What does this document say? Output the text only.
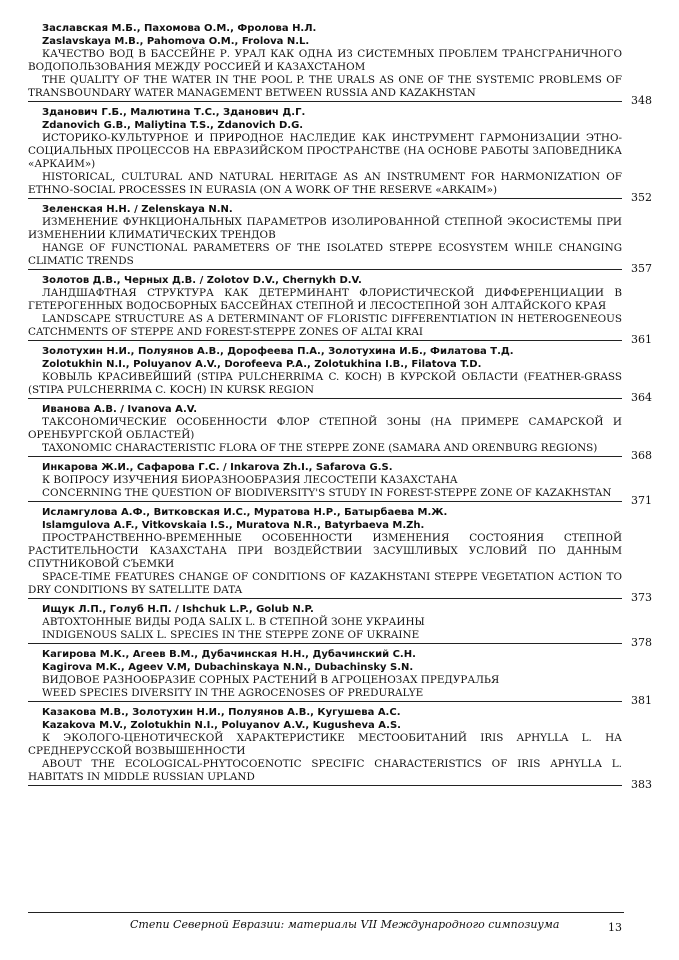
Заславская М.Б., Пахомова О.М., Фролова Н.Л.
Zaslavskaya M.B., Pahomova O.M., Frolova N.L.
КАЧЕСТВО ВОД В БАССЕЙНЕ Р. УРАЛ КАК ОДНА ИЗ СИСТЕМНЫХ ПРОБЛЕМ ТРАНСГРАНИЧНОГО ВОДОПОЛЬЗОВАНИЯ МЕЖДУ РОССИЕЙ И КАЗАХСТАНОМ
THE QUALITY OF THE WATER IN THE POOL P. THE URALS AS ONE OF THE SYSTEMIC PROBLEMS OF TRANSBOUNDARY WATER MANAGEMENT BETWEEN RUSSIA AND KAZAKHSTAN
348
Зданович Г.Б., Малютина Т.С., Зданович Д.Г.
Zdanovich G.B., Maliytina T.S., Zdanovich D.G.
ИСТОРИКО-КУЛЬТУРНОЕ И ПРИРОДНОЕ НАСЛЕДИЕ КАК ИНСТРУМЕНТ ГАРМОНИЗАЦИИ ЭТНО-СОЦИАЛЬНЫХ ПРОЦЕССОВ НА ЕВРАЗИЙСКОМ ПРОСТРАНСТВЕ (НА ОСНОВЕ РАБОТЫ ЗАПОВЕДНИКА «АРКАИМ»)
HISTORICAL, CULTURAL AND NATURAL HERITAGE AS AN INSTRUMENT FOR HARMONIZATION OF ETHNO-SOCIAL PROCESSES IN EURASIA (ON A WORK OF THE RESERVE «ARKAIM»)
352
Зеленская Н.Н. / Zelenskaya N.N.
ИЗМЕНЕНИЕ ФУНКЦИОНАЛЬНЫХ ПАРАМЕТРОВ ИЗОЛИРОВАННОЙ СТЕПНОЙ ЭКОСИСТЕМЫ ПРИ ИЗМЕНЕНИИ КЛИМАТИЧЕСКИХ ТРЕНДОВ
HANGE OF FUNCTIONAL PARAMETERS OF THE ISOLATED STEPPE ECOSYSTEM WHILE CHANGING CLIMATIC TRENDS
357
Золотов Д.В., Черных Д.В. / Zolotov D.V., Chernykh D.V.
ЛАНДШАФТНАЯ СТРУКТУРА КАК ДЕТЕРМИНАНТ ФЛОРИСТИЧЕСКОЙ ДИФФЕРЕНЦИАЦИИ В ГЕТЕРОГЕННЫХ ВОДОСБОРНЫХ БАССЕЙНАХ СТЕПНОЙ И ЛЕСОСТЕПНОЙ ЗОН АЛТАЙСКОГО КРАЯ
LANDSCAPE STRUCTURE AS A DETERMINANT OF FLORISTIC DIFFERENTIATION IN HETEROGENEOUS CATCHMENTS OF STEPPE AND FOREST-STEPPE ZONES OF ALTAI KRAI
361
Золотухин Н.И., Полуянов А.В., Дорофеева П.А., Золотухина И.Б., Филатова Т.Д.
Zolotukhin N.I., Poluyanov A.V., Dorofeeva P.A., Zolotukhina I.B., Filatova T.D.
КОВЫЛЬ КРАСИВЕЙШИЙ (STIPA PULCHERRIMA C. KOCH) В КУРСКОЙ ОБЛАСТИ (FEATHER-GRASS (STIPA PULCHERRIMA C. KOCH) IN KURSK REGION
364
Иванова А.В. / Ivanova A.V.
ТАКСОНОМИЧЕСКИЕ ОСОБЕННОСТИ ФЛОР СТЕПНОЙ ЗОНЫ (НА ПРИМЕРЕ САМАРСКОЙ И ОРЕНБУРГСКОЙ ОБЛАСТЕЙ)
TAXONOMIC CHARACTERISTIC FLORA OF THE STEPPE ZONE (SAMARA AND ORENBURG REGIONS)
368
Инкарова Ж.И., Сафарова Г.С. / Inkarova Zh.I., Safarova G.S.
К ВОПРОСУ ИЗУЧЕНИЯ БИОРАЗНООБРАЗИЯ ЛЕСОСТЕПИ КАЗАХСТАНА
CONCERNING THE QUESTION OF BIODIVERSITY'S STUDY IN FOREST-STEPPE ZONE OF KAZAKHSTAN
371
Исламгулова А.Ф., Витковская И.С., Муратова Н.Р., Батырбаева М.Ж.
Islamgulova A.F., Vitkovskaia I.S., Muratova N.R., Batyrbaeva M.Zh.
ПРОСТРАНСТВЕННО-ВРЕМЕННЫЕ ОСОБЕННОСТИ ИЗМЕНЕНИЯ СОСТОЯНИЯ СТЕПНОЙ РАСТИТЕЛЬНОСТИ КАЗАХСТАНА ПРИ ВОЗДЕЙСТВИИ ЗАСУШЛИВЫХ УСЛОВИЙ ПО ДАННЫМ СПУТНИКОВОЙ СЪЕМКИ
SPACE-TIME FEATURES CHANGE OF CONDITIONS OF KAZAKHSTANI STEPPE VEGETATION ACTION TO DRY CONDITIONS BY SATELLITE DATA
373
Ищук Л.П., Голуб Н.П. / Ishchuk L.P., Golub N.P.
АВТОХТОННЫЕ ВИДЫ РОДА SALIX L. В СТЕПНОЙ ЗОНЕ УКРАИНЫ
INDIGENOUS SALIX L. SPECIES IN THE STEPPE ZONE OF UKRAINE
378
Кагирова М.К., Агеев В.М., Дубачинская Н.Н., Дубачинский С.Н.
Kagirova M.K., Ageev V.M, Dubachinskaya N.N., Dubachinsky S.N.
ВИДОВОЕ РАЗНООБРАЗИЕ СОРНЫХ РАСТЕНИЙ В АГРОЦЕНОЗАХ ПРЕДУРАЛЬЯ
WEED SPECIES DIVERSITY IN THE AGROCENOSES OF PREDURALYE
381
Казакова М.В., Золотухин Н.И., Полуянов А.В., Кугушева А.С.
Kazakova M.V., Zolotukhin N.I., Poluyanov A.V., Kugusheva A.S.
К ЭКОЛОГО-ЦЕНОТИЧЕСКОЙ ХАРАКТЕРИСТИКЕ МЕСТООБИТАНИЙ IRIS APHYLLA L. НА СРЕДНЕРУССКОЙ ВОЗВЫШЕННОСТИ
ABOUT THE ECOLOGICAL-PHYTOCOENOTIC SPECIFIC CHARACTERISTICS OF IRIS APHYLLA L. HABITATS IN MIDDLE RUSSIAN UPLAND
383
Степи Северной Евразии: материалы VII Международного симпозиума	13
